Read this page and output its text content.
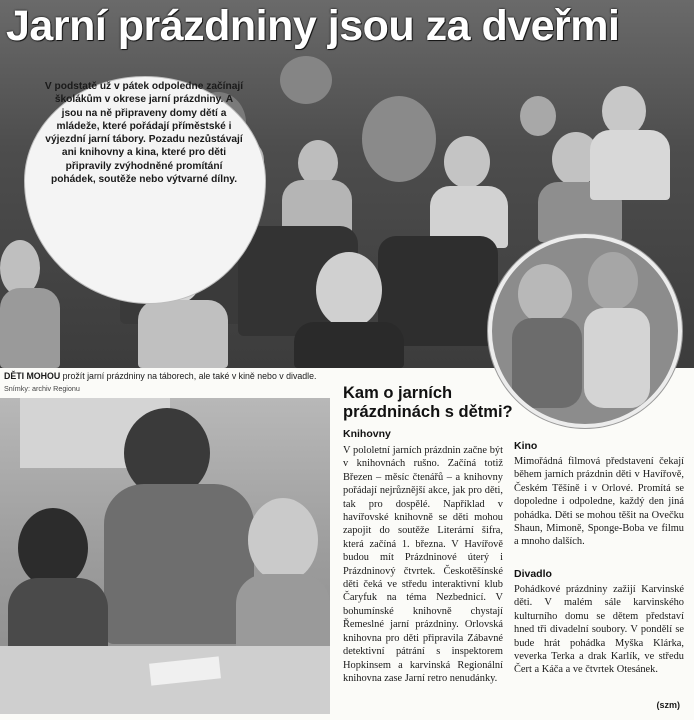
Jarní prázdniny jsou za dveřmi
V podstatě už v pátek odpoledne začínají školákům v okrese jarní prázdniny. A jsou na ně připraveny domy dětí a mládeže, které pořádají příměstské i výjezdní jarní tábory. Pozadu nezůstávají ani knihovny a kina, které pro děti připravily zvýhodněné promítání pohádek, soutěže nebo výtvarné dílny.
DĚTI MOHOU prožít jarní prázdniny na táborech, ale také v kině nebo v divadle.
Snímky: archiv Regionu	Kam o jarních prázdninách s dětmi?
Knihovny
V pololetní jarních prázdnin začne být v knihovnách rušno. Začíná totiž Březen – měsíc čtenářů – a knihovny pořádají nejrůznější akce, jak pro děti, tak pro dospělé. Například v havířovské knihovně se děti mohou zapojit do soutěže Literární šifra, která začíná 1. března. V Havířově budou mít Prázdninové úterý i Prázdninový čtvrtek. Českotěšínské děti čeká ve středu interaktivní klub Čaryfuk na téma Nezbednicí. V bohumínské knihovně chystají Řemeslné jarní prázdniny. Orlovská knihovna pro děti připravila Zábavné detektivní pátrání s inspektorem Hopkinsem a karvinská Regionální knihovna zase Jarní retro nenudánky.
Kino
Mimořádná filmová představení čekají během jarních prázdnin děti v Havířově, Českém Těšíně i v Orlové. Promítá se dopoledne i odpoledne, každý den jiná pohádka. Děti se mohou těšit na Ovečku Shaun, Mimoně, Sponge-Boba ve filmu a mnoho dalších.
Divadlo
Pohádkové prázdniny zažijí Karvinské děti. V malém sále karvinského kulturního domu se dětem představí hned tři divadelní soubory. V pondělí se bude hrát pohádka Myška Klárka, veverka Terka a drak Karlík, ve středu Čert a Káča a ve čtvrtek Otesánek.
(szm)
